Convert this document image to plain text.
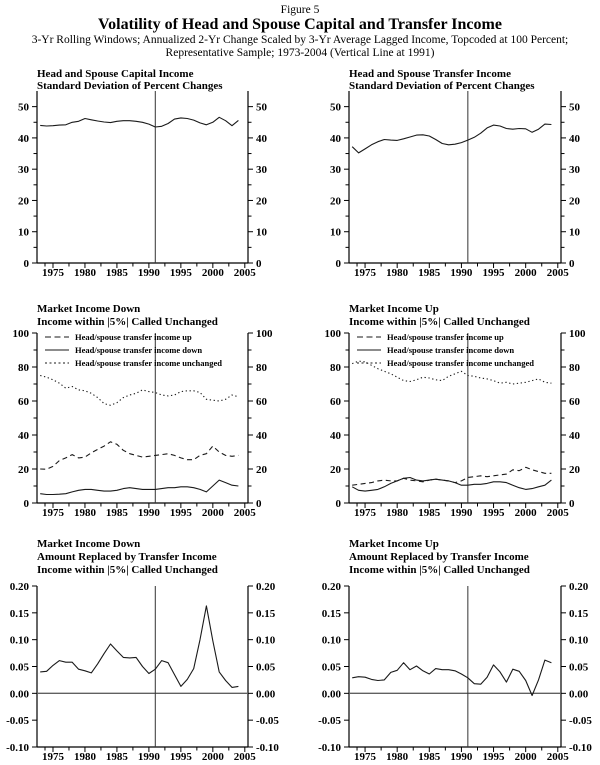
Figure 5
Volatility of Head and Spouse Capital and Transfer Income
3-Yr Rolling Windows; Annualized 2-Yr Change Scaled by 3-Yr Average Lagged Income, Topcoded at 100 Percent;
Representative Sample; 1973-2004 (Vertical Line at 1991)
Head and Spouse Capital Income
Standard Deviation of Percent Changes
0	0
10	10
20	20
30	30
40	40
50	50
1975 1980 1985 1990 1995 2000 2005
Head and Spouse Transfer Income
Standard Deviation of Percent Changes
0	0
10	10
20	20
30	30
40	40
50	50
1975 1980 1985 1990 1995 2000 2005
Market Income Down
Income within |5%| Called Unchanged
0	0
20	20
40	40
60	60
80	80
100	100
1975 1980 1985 1990 1995 2000 2005
Head/spouse transfer income up
Head/spouse transfer income down
Head/spouse transfer income unchanged
Market Income Up
Income within |5%| Called Unchanged
0	0
20	20
40	40
60	60
80	80
100	100
1975 1980 1985 1990 1995 2000 2005
Head/spouse transfer income up
Head/spouse transfer income down
Head/spouse transfer income unchanged
Market Income Down
Amount Replaced by Transfer Income
Income within |5%| Called Unchanged
-0.10	-0.10
-0.05	-0.05
0.00	0.00
0.05	0.05
0.10	0.10
0.15	0.15
0.20	0.20
1975 1980 1985 1990 1995 2000 2005
Market Income Up
Amount Replaced by Transfer Income
Income within |5%| Called Unchanged
-0.10	-0.10
-0.05	-0.05
0.00	0.00
0.05	0.05
0.10	0.10
0.15	0.15
0.20	0.20
1975 1980 1985 1990 1995 2000 2005
